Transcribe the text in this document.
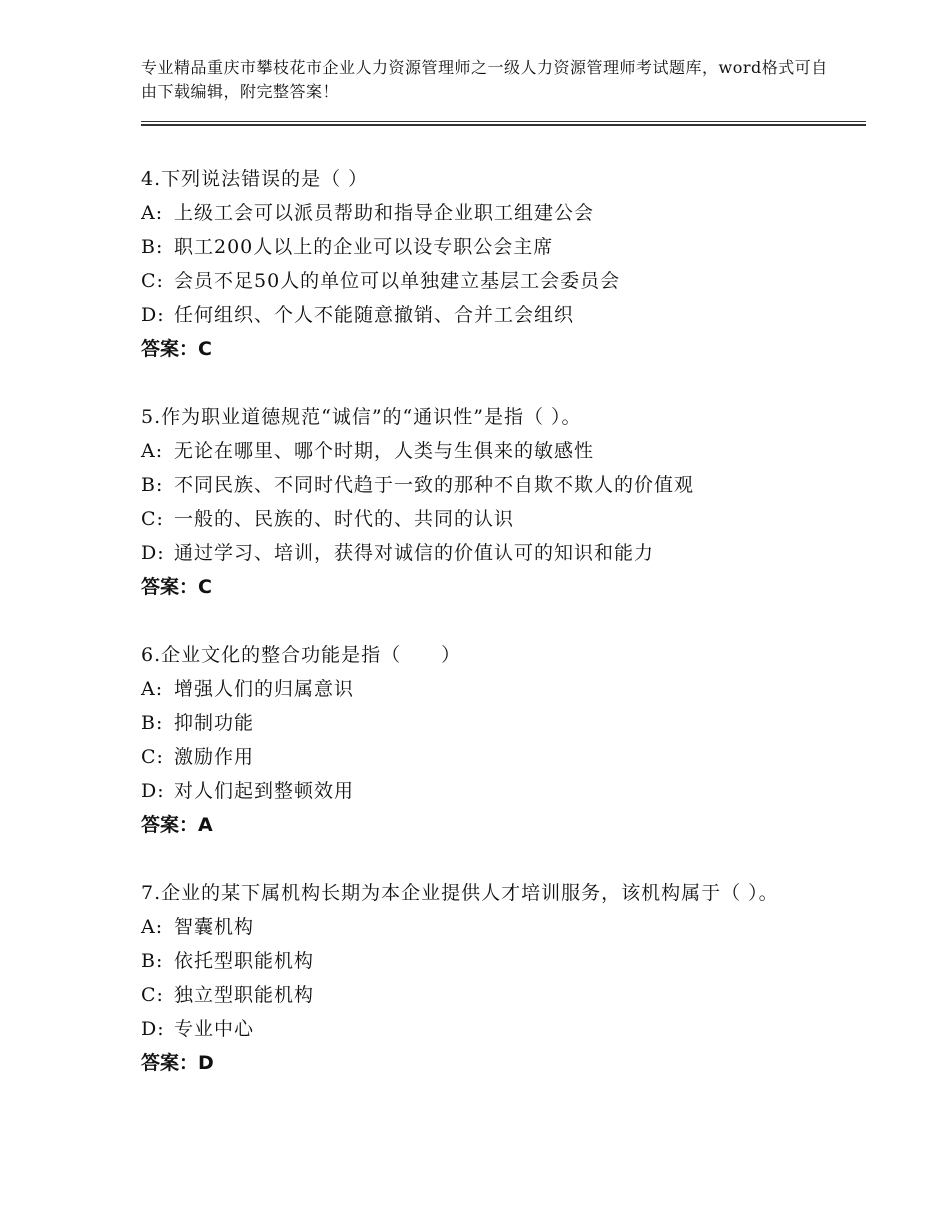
专业精品重庆市攀枝花市企业人力资源管理师之一级人力资源管理师考试题库，word格式可自由下载编辑，附完整答案！
4.下列说法错误的是（ ）
A: 上级工会可以派员帮助和指导企业职工组建公会
B: 职工200人以上的企业可以设专职公会主席
C: 会员不足50人的单位可以单独建立基层工会委员会
D: 任何组织、个人不能随意撤销、合并工会组织
答案：C
5.作为职业道德规范“诚信”的“通识性”是指（ ）。
A: 无论在哪里、哪个时期，人类与生俱来的敏感性
B: 不同民族、不同时代趋于一致的那种不自欺不欺人的价值观
C: 一般的、民族的、时代的、共同的认识
D: 通过学习、培训，获得对诚信的价值认可的知识和能力
答案：C
6.企业文化的整合功能是指（　　）
A: 增强人们的归属意识
B: 抑制功能
C: 激励作用
D: 对人们起到整顿效用
答案：A
7.企业的某下属机构长期为本企业提供人才培训服务，该机构属于（ ）。
A: 智囊机构
B: 依托型职能机构
C: 独立型职能机构
D: 专业中心
答案：D
